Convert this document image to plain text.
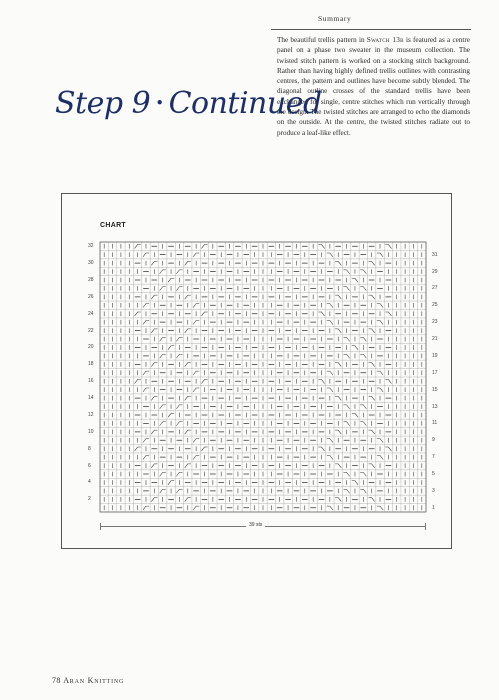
Summary

The beautiful trellis pattern in Swatch 13b is featured as a centre panel on a phase two sweater in the museum collection. The twisted stitch pattern is worked on a stocking stitch background. Rather than having highly defined trellis outlines with contrasting centres, the pattern and outlines have become subtly blended. The diagonal outline crosses of the standard trellis have been exchanged for single, centre stitches which run vertically through the design. The twisted stitches are arranged to echo the diamonds on the outside. At the centre, the twisted stitches radiate out to produce a leaf-like effect.

Step 9 • Continued
CHART
32
30
28
26
24
22
20
18
16
14
12
10
8
6
4
2
31
29
27
25
23
21
19
17
15
13
11
9
7
5
3
1
39 sts
78 Aran Knitting
